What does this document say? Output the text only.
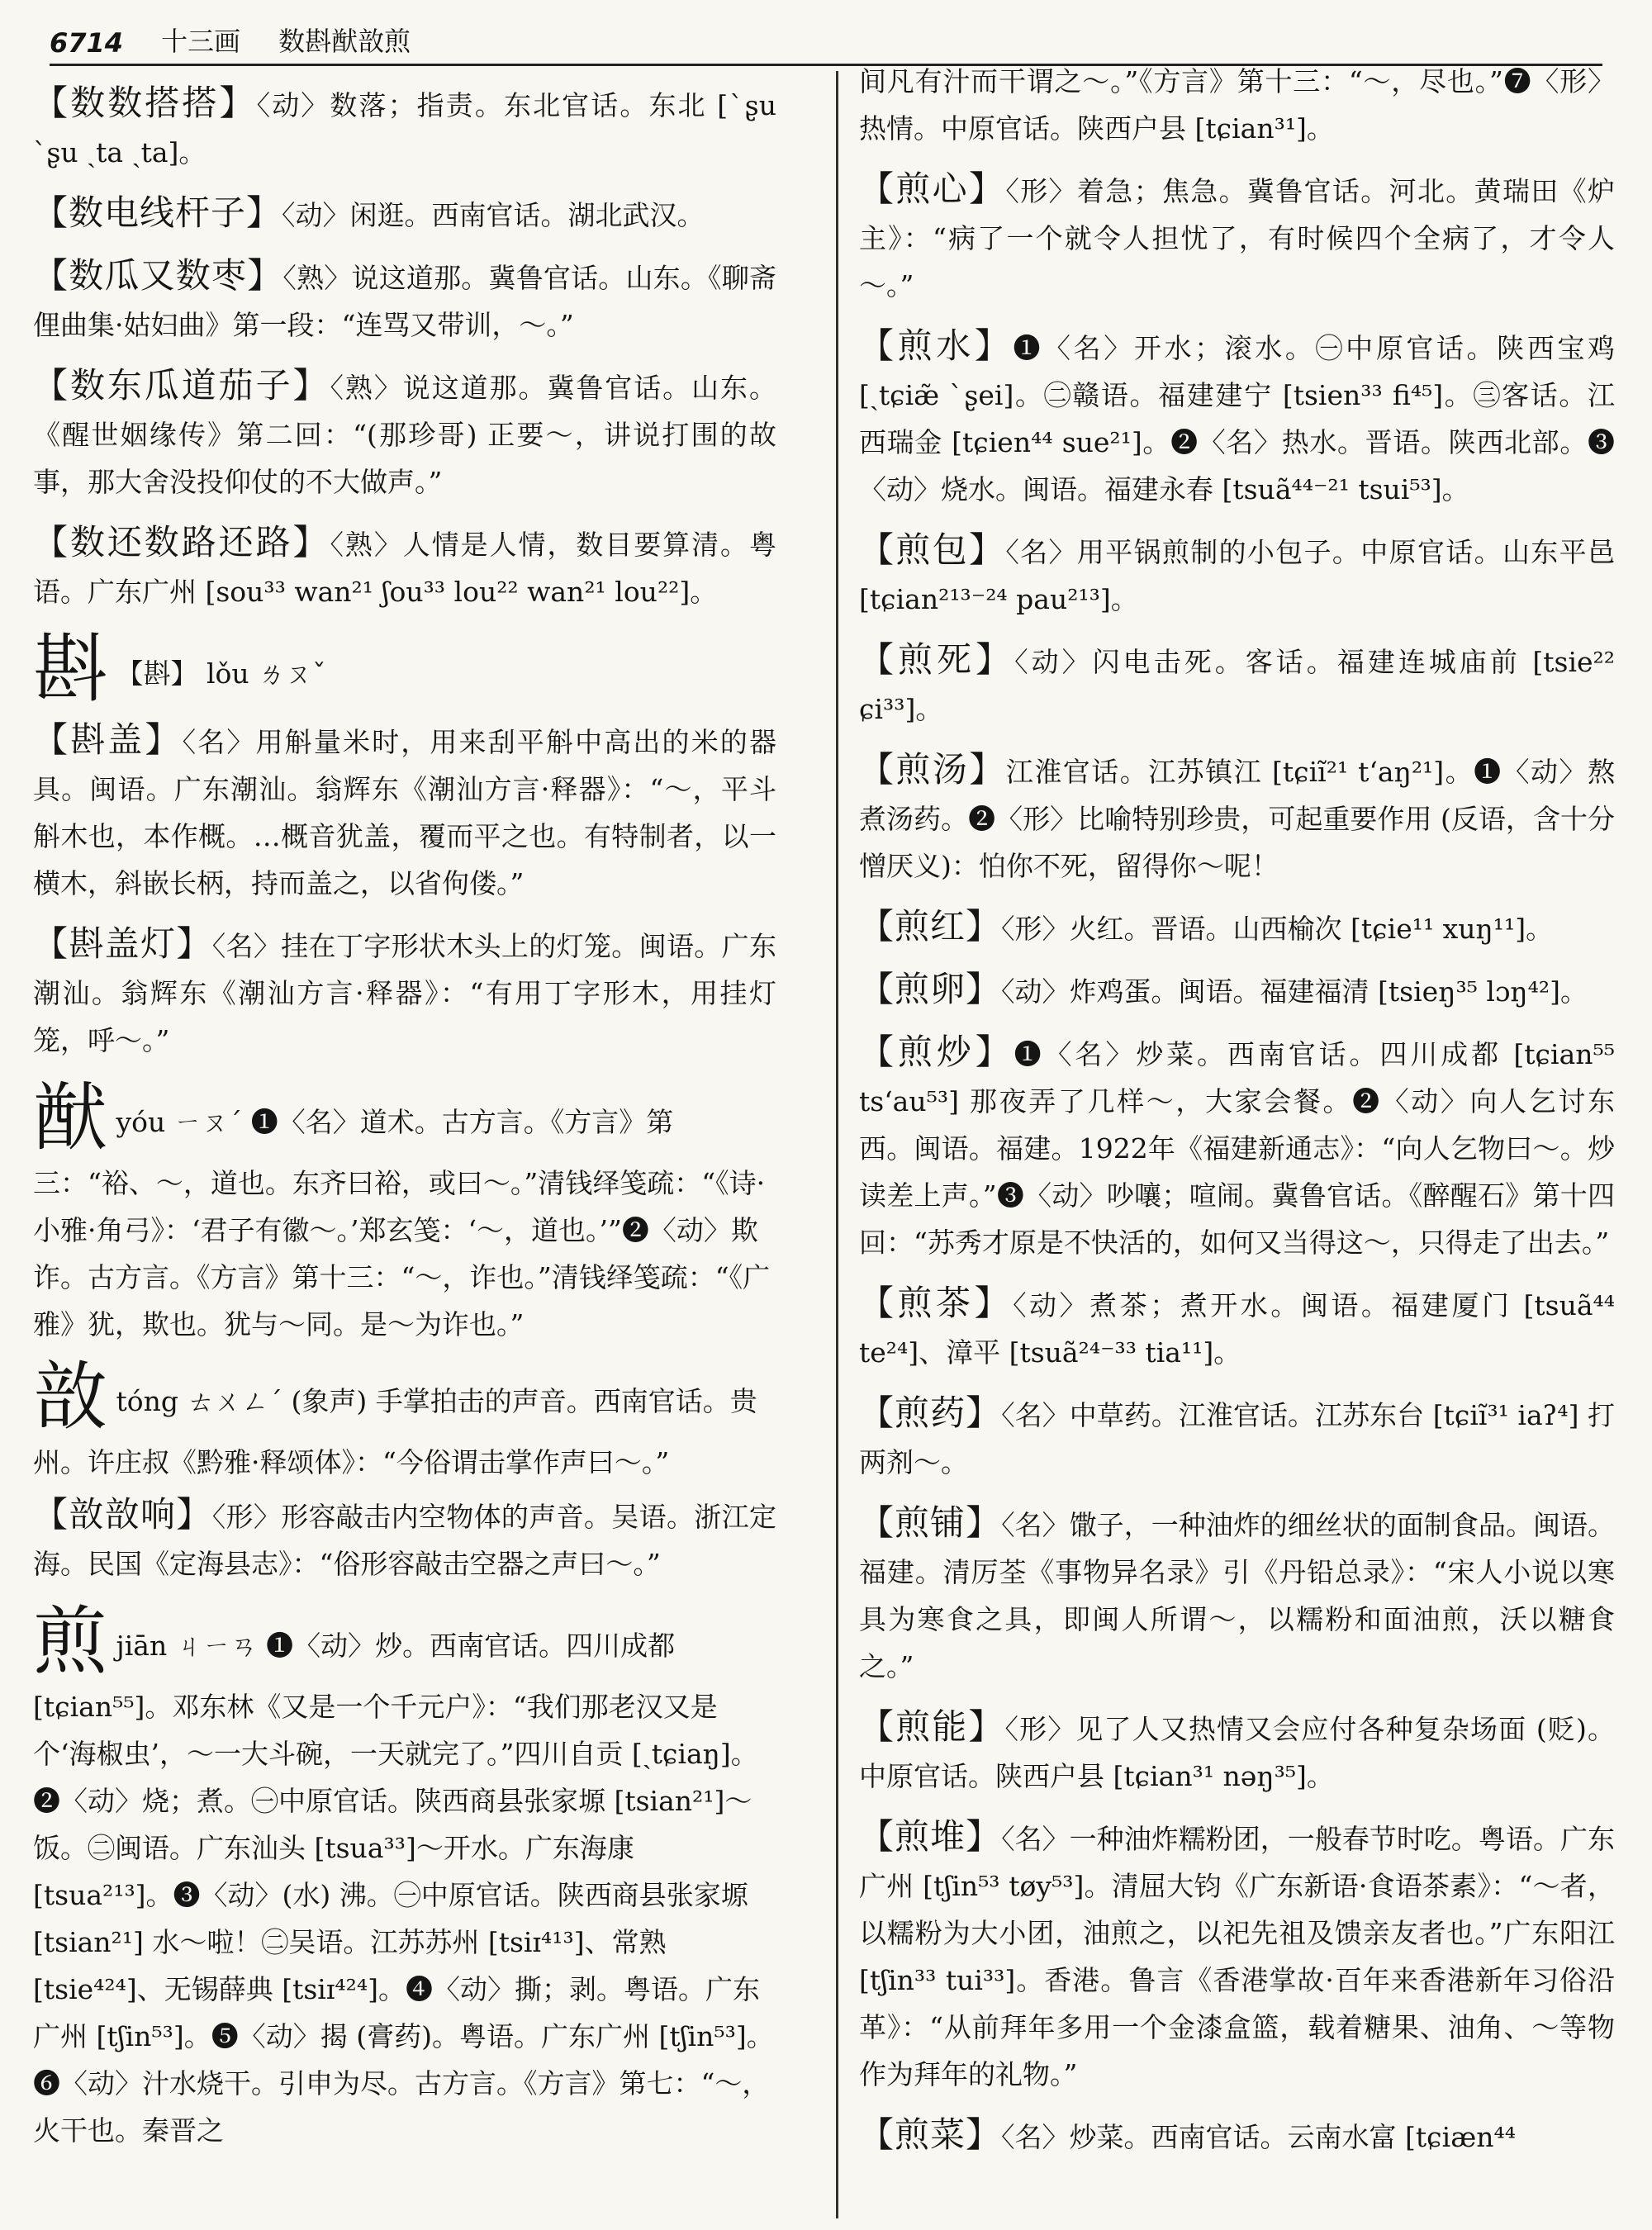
6714 十三画 数斟猷敨煎
【 数数搭搭 】 〈动〉数落；指责。东北官话。东北 [ˋʂu ˋʂu ˏta ˏta]。
【 数电线杆子 】 〈动〉闲逛。西南官话。湖北武汉。
【 数瓜又数枣 】 〈熟〉说这道那。冀鲁官话。山东。《聊斋俚曲集·姑妇曲》第一段：“连骂又带训，～。”
【 数东瓜道茄子 】 〈熟〉说这道那。冀鲁官话。山东。《醒世姻缘传》第二回：“(那珍哥) 正要～，讲说打围的故事，那大舍没投仰仗的不大做声。”
【 数还数路还路 】 〈熟〉人情是人情，数目要算清。粤语。广东广州 [sou³³ wan²¹ ʃou³³ lou²² wan²¹ lou²²]。
斟 【斟】 lǒu ㄌㄡˇ
【 斟盖 】 〈名〉用斛量米时，用来刮平斛中高出的米的器具。闽语。广东潮汕。翁辉东《潮汕方言·释器》：“～，平斗斛木也，本作概。…概音犹盖，覆而平之也。有特制者，以一横木，斜嵌长柄，持而盖之，以省佝偻。”
【 斟盖灯 】 〈名〉挂在丁字形状木头上的灯笼。闽语。广东潮汕。翁辉东《潮汕方言·释器》：“有用丁字形木，用挂灯笼，呼～。”
猷 yóu ㄧㄡˊ ❶〈名〉道术。古方言。《方言》第三：“裕、～，道也。东齐曰裕，或曰～。”清钱绎笺疏：“《诗·小雅·角弓》：‘君子有徽～。’郑玄笺：‘～，道也。’”❷〈动〉欺诈。古方言。《方言》第十三：“～，诈也。”清钱绎笺疏：“《广雅》犹，欺也。犹与～同。是～为诈也。”
敨 tóng ㄊㄨㄥˊ (象声) 手掌拍击的声音。西南官话。贵州。许庄叔《黔雅·释颂体》：“今俗谓击掌作声曰～。”
【 敨敨响 】 〈形〉形容敲击内空物体的声音。吴语。浙江定海。民国《定海县志》：“俗形容敲击空器之声曰～。”
煎 jiān ㄐㄧㄢ ❶〈动〉炒。西南官话。四川成都 [tɕian⁵⁵]。邓东林《又是一个千元户》：“我们那老汉又是个‘海椒虫’，～一大斗碗，一天就完了。”四川自贡 [ˏtɕiaŋ]。❷〈动〉烧；煮。㊀中原官话。陕西商县张家塬 [tsian²¹]～饭。㊁闽语。广东汕头 [tsua³³]～开水。广东海康 [tsua²¹³]。❸〈动〉(水) 沸。㊀中原官话。陕西商县张家塬 [tsian²¹] 水～啦！㊁吴语。江苏苏州 [tsiɪ⁴¹³]、常熟 [tsie⁴²⁴]、无锡薛典 [tsiɪ⁴²⁴]。❹〈动〉撕；剥。粤语。广东广州 [tʃin⁵³]。❺〈动〉揭 (膏药)。粤语。广东广州 [tʃin⁵³]。❻〈动〉汁水烧干。引申为尽。古方言。《方言》第七：“～，火干也。秦晋之
间凡有汁而干谓之～。”《方言》第十三：“～，尽也。”❼〈形〉热情。中原官话。陕西户县 [tɕian³¹]。
【 煎心 】 〈形〉着急；焦急。冀鲁官话。河北。黄瑞田《炉主》：“病了一个就令人担忧了，有时候四个全病了，才令人～。”
【 煎水 】 ❶〈名〉开水；滚水。㊀中原官话。陕西宝鸡 [ˏtɕiæ̃ ˋʂei]。㊁赣语。福建建宁 [tsien³³ fi⁴⁵]。㊂客话。江西瑞金 [tɕien⁴⁴ sue²¹]。❷〈名〉热水。晋语。陕西北部。❸〈动〉烧水。闽语。福建永春 [tsuã⁴⁴⁻²¹ tsui⁵³]。
【 煎包 】 〈名〉用平锅煎制的小包子。中原官话。山东平邑 [tɕian²¹³⁻²⁴ pau²¹³]。
【 煎死 】 〈动〉闪电击死。客话。福建连城庙前 [tsie²² ɕi³³]。
【 煎汤 】 江淮官话。江苏镇江 [tɕiĩ²¹ t‘aŋ²¹]。❶〈动〉熬煮汤药。❷〈形〉比喻特别珍贵，可起重要作用 (反语，含十分憎厌义)：怕你不死，留得你～呢！
【 煎红 】 〈形〉火红。晋语。山西榆次 [tɕie¹¹ xuŋ¹¹]。
【 煎卵 】 〈动〉炸鸡蛋。闽语。福建福清 [tsieŋ³⁵ lɔŋ⁴²]。
【 煎炒 】 ❶〈名〉炒菜。西南官话。四川成都 [tɕian⁵⁵ ts‘au⁵³] 那夜弄了几样～，大家会餐。❷〈动〉向人乞讨东西。闽语。福建。1922年《福建新通志》：“向人乞物曰～。炒读差上声。”❸〈动〉吵嚷；喧闹。冀鲁官话。《醉醒石》第十四回：“苏秀才原是不快活的，如何又当得这～，只得走了出去。”
【 煎茶 】 〈动〉煮茶；煮开水。闽语。福建厦门 [tsuã⁴⁴ te²⁴]、漳平 [tsuã²⁴⁻³³ tia¹¹]。
【 煎药 】 〈名〉中草药。江淮官话。江苏东台 [tɕiĩ³¹ iaʔ⁴] 打两剂～。
【 煎铺 】 〈名〉馓子，一种油炸的细丝状的面制食品。闽语。福建。清厉荃《事物异名录》引《丹铅总录》：“宋人小说以寒具为寒食之具，即闽人所谓～，以糯粉和面油煎，沃以糖食之。”
【 煎能 】 〈形〉见了人又热情又会应付各种复杂场面 (贬)。中原官话。陕西户县 [tɕian³¹ nəŋ³⁵]。
【 煎堆 】 〈名〉一种油炸糯粉团，一般春节时吃。粤语。广东广州 [tʃin⁵³ tøy⁵³]。清屈大钧《广东新语·食语茶素》：“～者，以糯粉为大小团，油煎之，以祀先祖及馈亲友者也。”广东阳江 [tʃin³³ tui³³]。香港。鲁言《香港掌故·百年来香港新年习俗沿革》：“从前拜年多用一个金漆盒篮，载着糖果、油角、～等物作为拜年的礼物。”
【 煎菜 】 〈名〉炒菜。西南官话。云南水富 [tɕiæn⁴⁴
